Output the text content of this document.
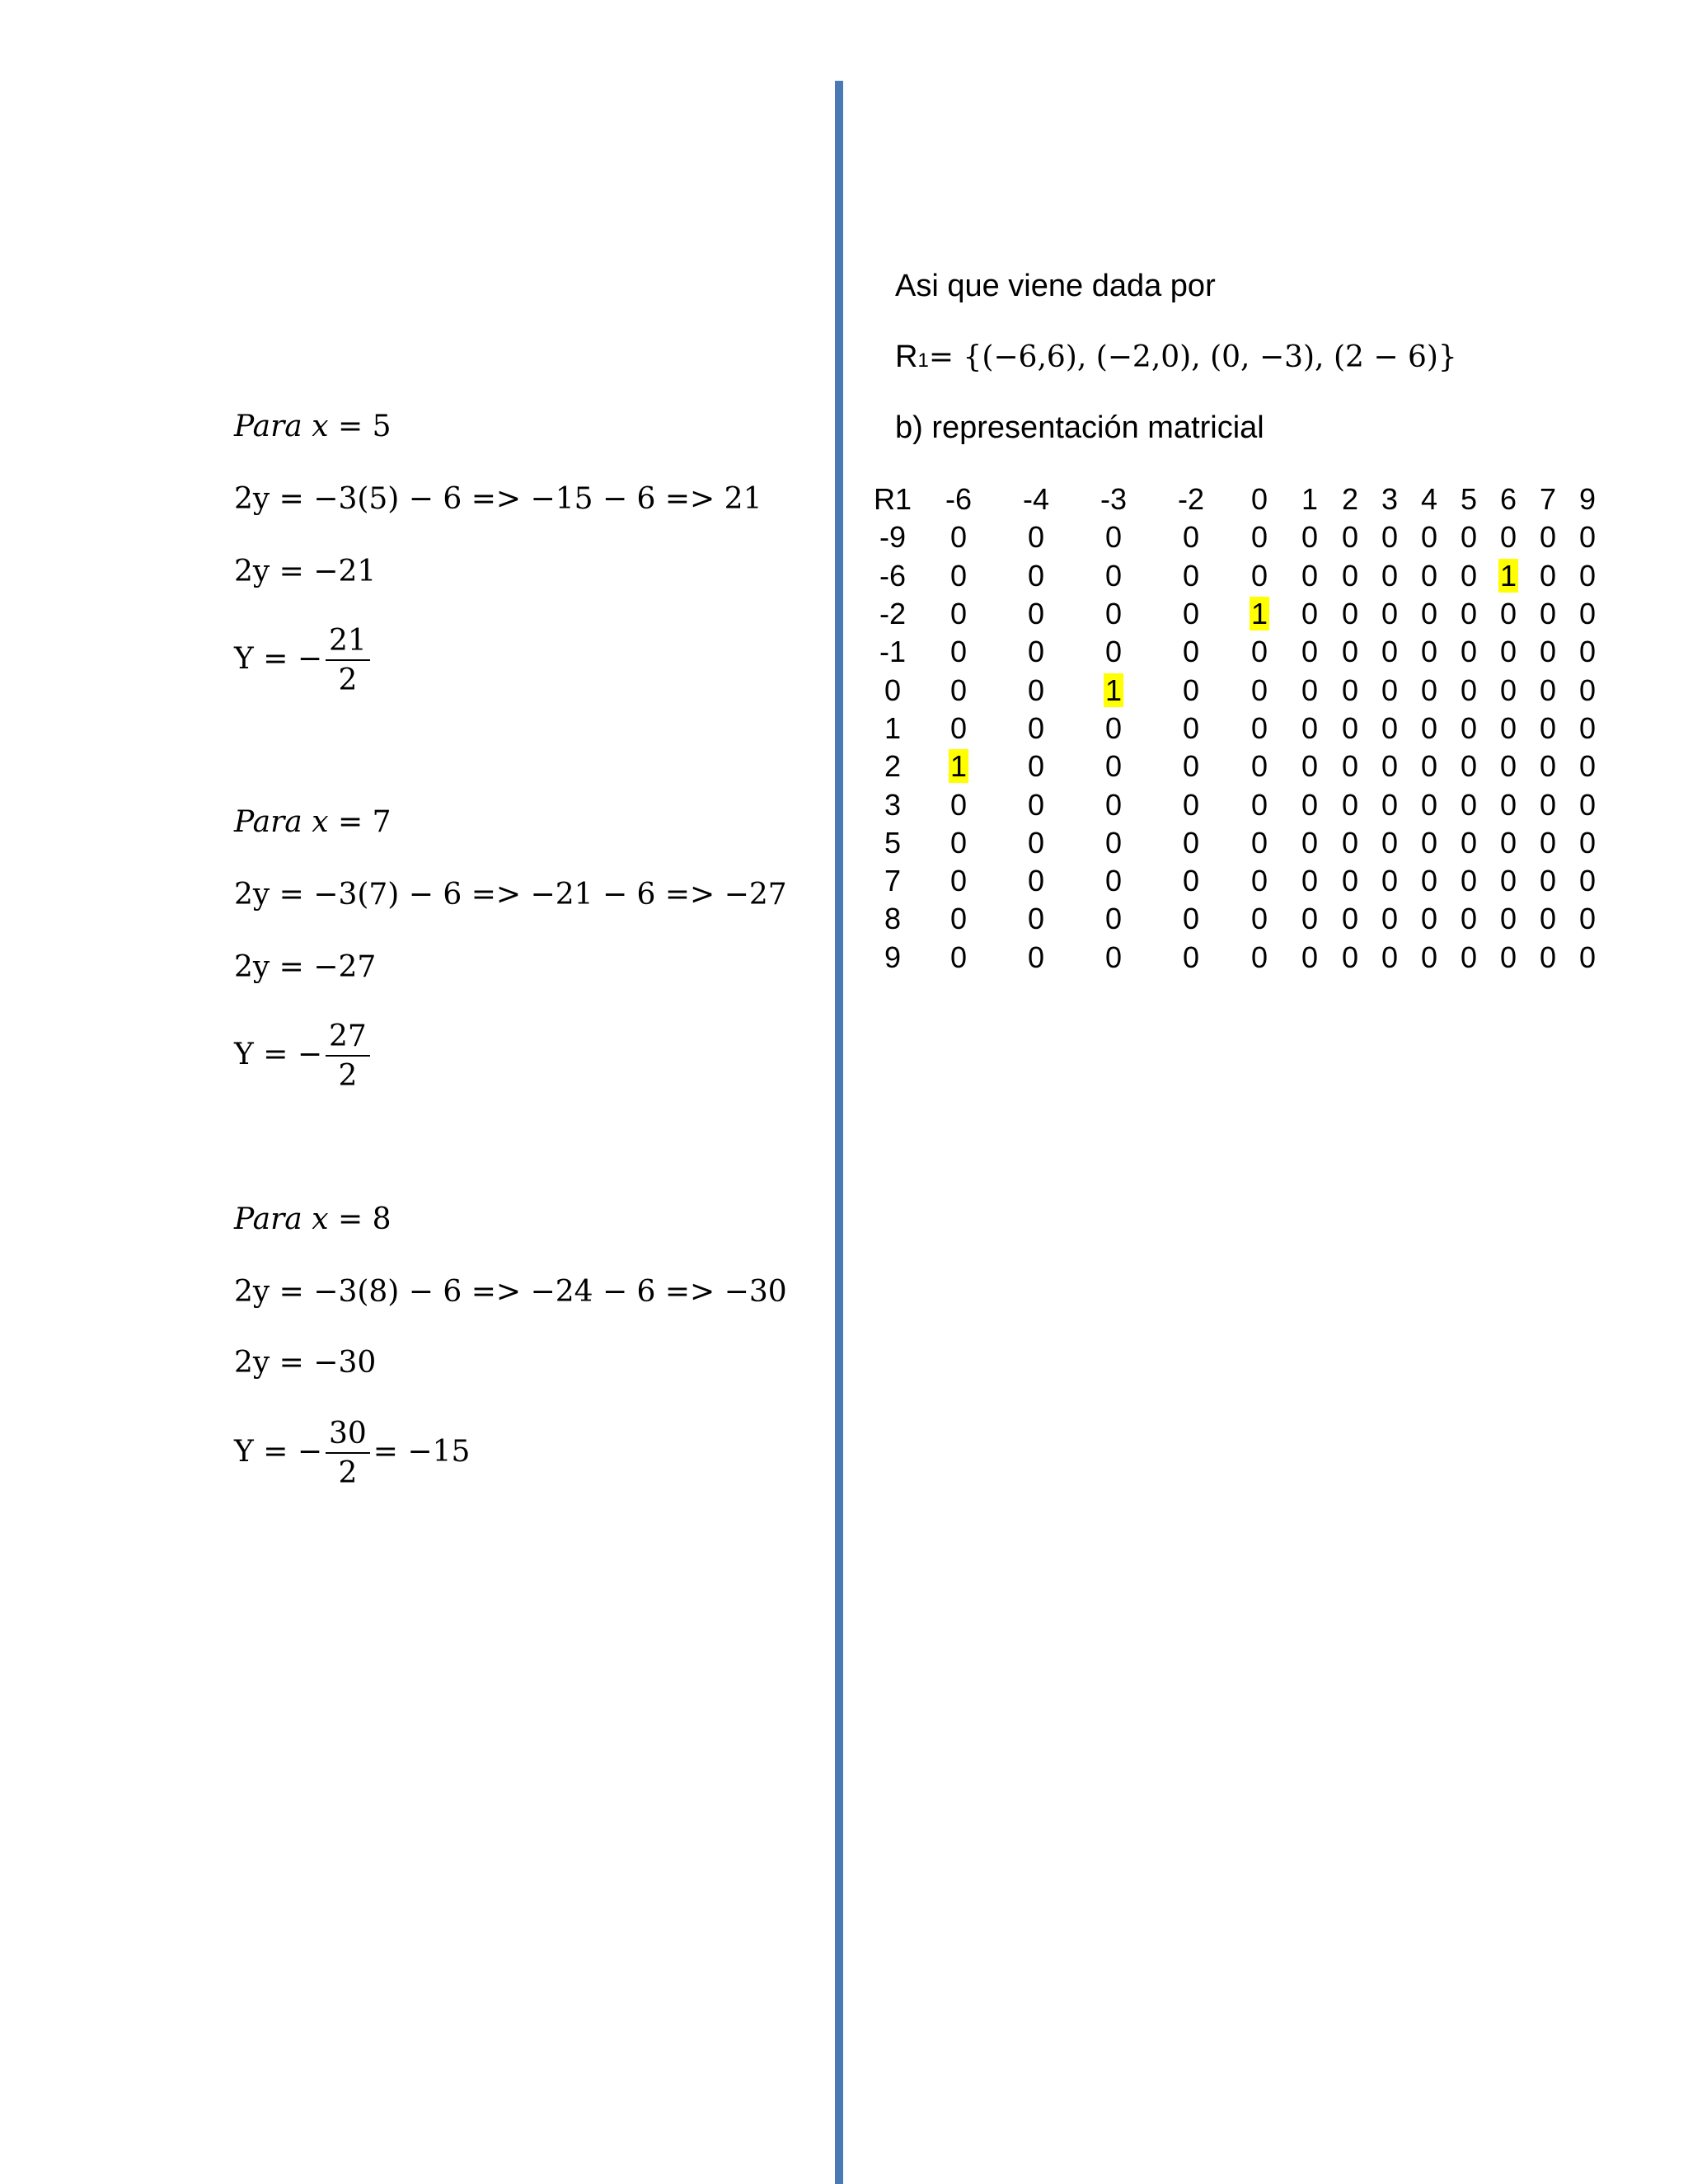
Para x = 5
2y = −3(5) − 6 => −15 − 6 => 21
2y = −21
Y = − $\frac{21}{2}$
Para x = 7
2y = −3(7) − 6 => −21 − 6 => −27
2y = −27
Y = − $\frac{27}{2}$
Para x = 8
2y = −3(8) − 6 => −24 − 6 => −30
2y = −30
Y = − $\frac{30}{2} = -15$
Asi que viene dada por
R1= {(−6,6), (−2,0), (0, −3), (2 − 6)}
b) representación matricial
R1	-6	-4	-3	-2	0	1	2	3	4	5	6	7	9
-9	0	0	0	0	0	0	0	0	0	0	0	0	0
-6	0	0	0	0	0	0	0	0	0	0	1	0	0
-2	0	0	0	0	1	0	0	0	0	0	0	0	0
-1	0	0	0	0	0	0	0	0	0	0	0	0	0
0	0	0	1	0	0	0	0	0	0	0	0	0	0
1	0	0	0	0	0	0	0	0	0	0	0	0	0
2	1	0	0	0	0	0	0	0	0	0	0	0	0
3	0	0	0	0	0	0	0	0	0	0	0	0	0
5	0	0	0	0	0	0	0	0	0	0	0	0	0
7	0	0	0	0	0	0	0	0	0	0	0	0	0
8	0	0	0	0	0	0	0	0	0	0	0	0	0
9	0	0	0	0	0	0	0	0	0	0	0	0	0
